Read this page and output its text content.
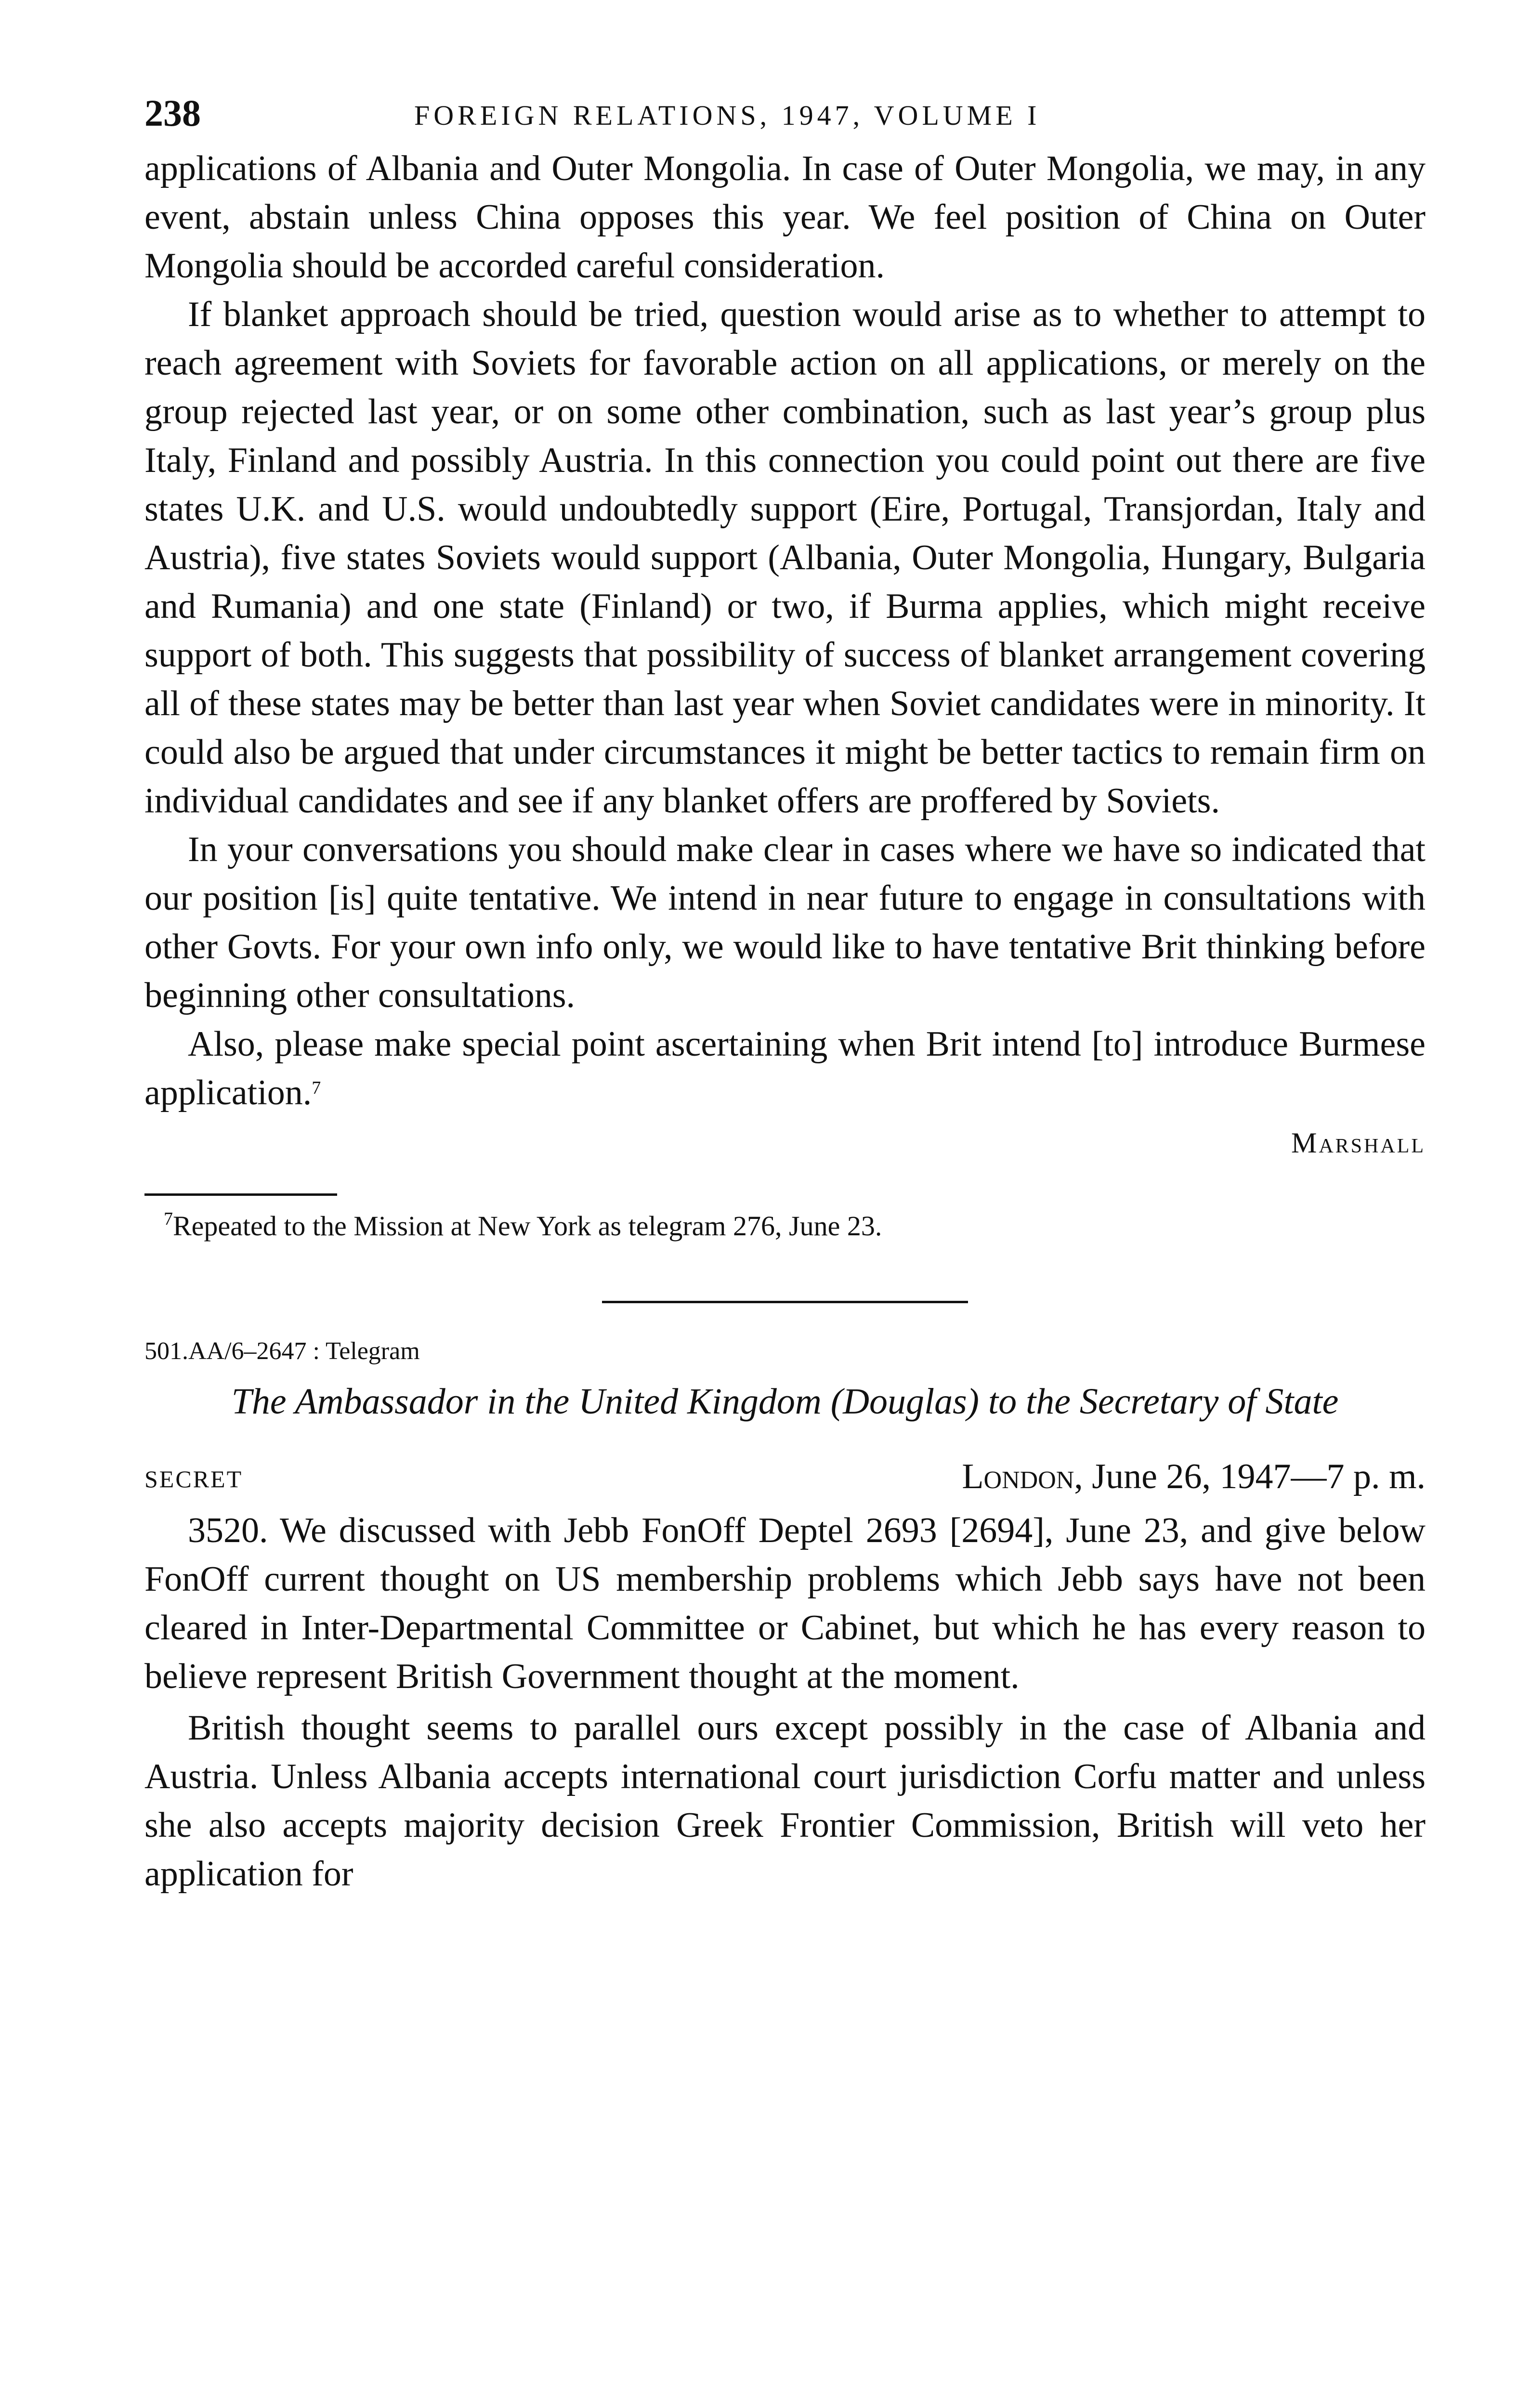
238	FOREIGN RELATIONS, 1947, VOLUME I

applications of Albania and Outer Mongolia. In case of Outer Mongolia, we may, in any event, abstain unless China opposes this year. We feel position of China on Outer Mongolia should be accorded careful consideration.

If blanket approach should be tried, question would arise as to whether to attempt to reach agreement with Soviets for favorable action on all applications, or merely on the group rejected last year, or on some other combination, such as last year’s group plus Italy, Finland and possibly Austria. In this connection you could point out there are five states U.K. and U.S. would undoubtedly support (Eire, Portugal, Transjordan, Italy and Austria), five states Soviets would support (Albania, Outer Mongolia, Hungary, Bulgaria and Rumania) and one state (Finland) or two, if Burma applies, which might receive support of both. This suggests that possibility of success of blanket arrangement covering all of these states may be better than last year when Soviet candidates were in minority. It could also be argued that under circumstances it might be better tactics to remain firm on individual candidates and see if any blanket offers are proffered by Soviets.

In your conversations you should make clear in cases where we have so indicated that our position [is] quite tentative. We intend in near future to engage in consultations with other Govts. For your own info only, we would like to have tentative Brit thinking before beginning other consultations.

Also, please make special point ascertaining when Brit intend [to] introduce Burmese application.$^7$

Marshall
$^7$Repeated to the Mission at New York as telegram 276, June 23.
501.AA/6–2647 : Telegram
The Ambassador in the United Kingdom (Douglas) to the Secretary of State
SECRET	London, June 26, 1947—7 p. m.

3520. We discussed with Jebb FonOff Deptel 2693 [2694], June 23, and give below FonOff current thought on US membership problems which Jebb says have not been cleared in Inter-Departmental Committee or Cabinet, but which he has every reason to believe represent British Government thought at the moment.

British thought seems to parallel ours except possibly in the case of Albania and Austria. Unless Albania accepts international court jurisdiction Corfu matter and unless she also accepts majority decision Greek Frontier Commission, British will veto her application for
